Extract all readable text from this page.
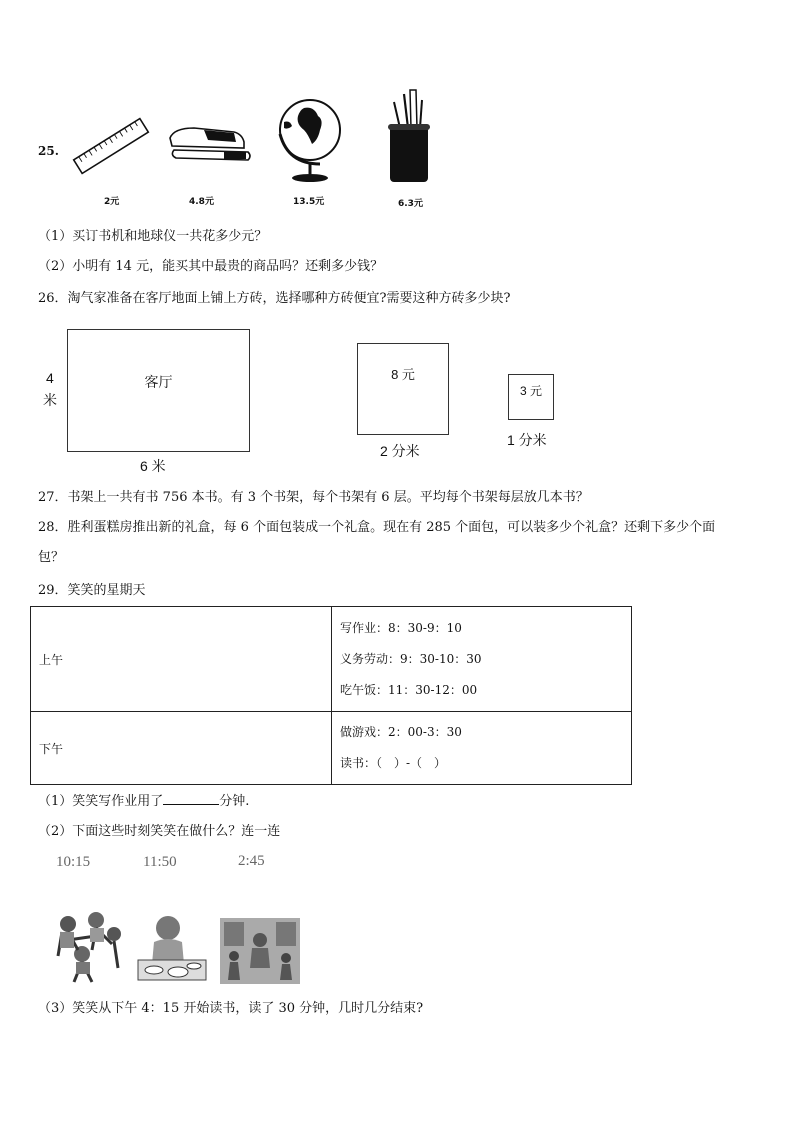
25.
2元	4.8元	13.5元	6.3元
（1）买订书机和地球仪一共花多少元？
（2）小明有 14 元，能买其中最贵的商品吗？还剩多少钱？
26．淘气家准备在客厅地面上铺上方砖，选择哪种方砖便宜?需要这种方砖多少块?
客厅
4
米
6 米
8 元
2 分米
3 元
1 分米
27．书架上一共有书 756 本书。有 3 个书架，每个书架有 6 层。平均每个书架每层放几本书？
28．胜利蛋糕房推出新的礼盒，每 6 个面包装成一个礼盒。现在有 285 个面包，可以装多少个礼盒？还剩下多少个面
包？
29．笑笑的星期天
上午	写作业：8：30-9：10
义务劳动：9：30-10：30
吃午饭：11：30-12：00

下午	做游戏：2：00-3：30
读书：（　）-（　）
（1）笑笑写作业用了	分钟.
（2）下面这些时刻笑笑在做什么？连一连
10:15	11:50	2:45
（3）笑笑从下午 4：15 开始读书，读了 30 分钟，几时几分结束?
